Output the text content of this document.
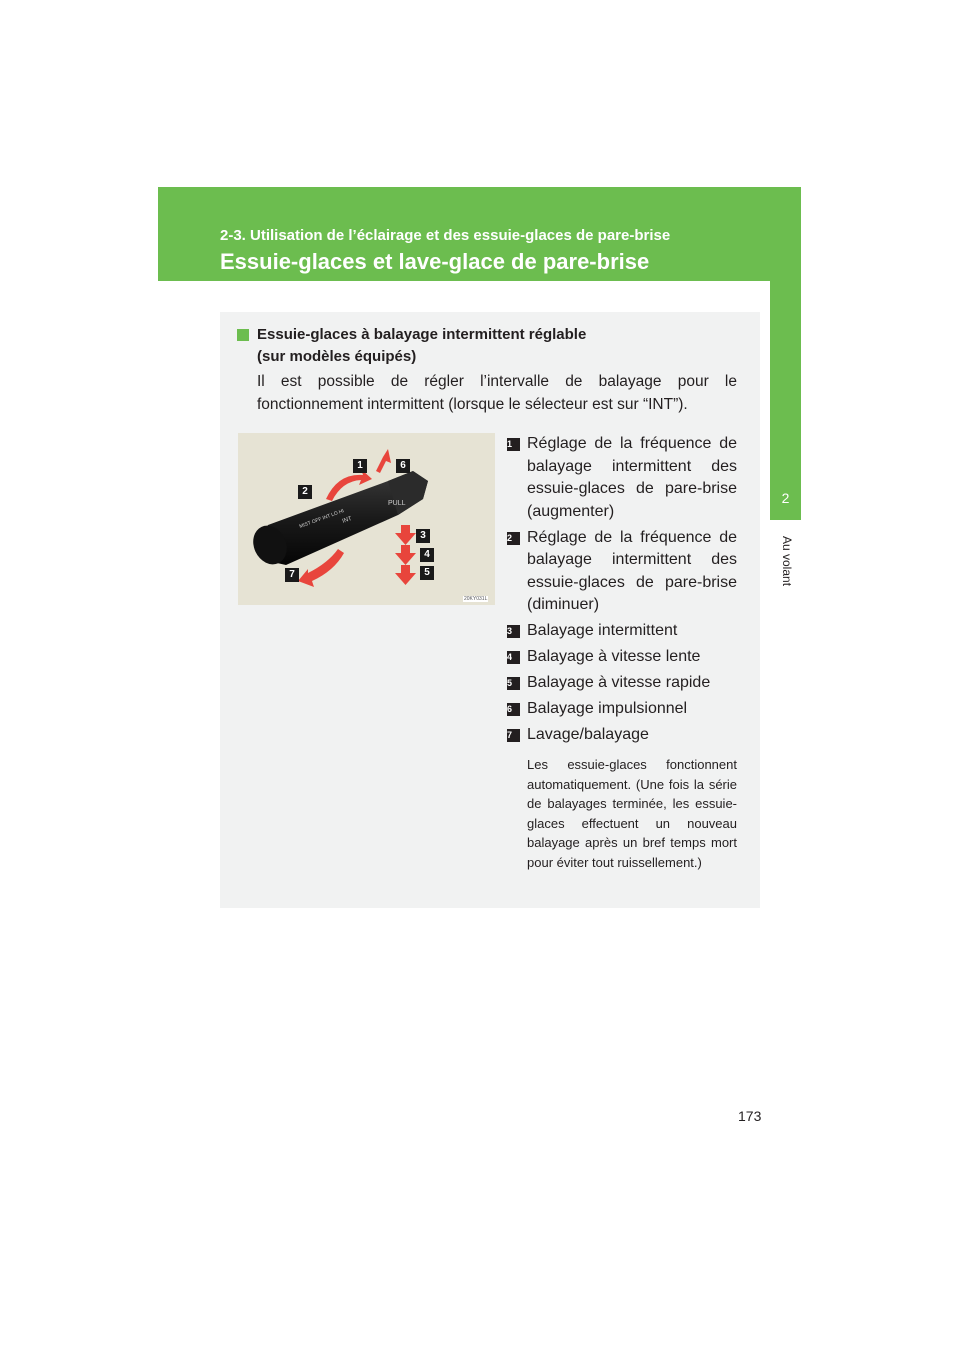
2-3. Utilisation de l’éclairage et des essuie-glaces de pare-brise
Essuie-glaces et lave-glace de pare-brise
2
Au volant
Essuie-glaces à balayage intermittent réglable
(sur modèles équipés)
Il est possible de régler l’intervalle de balayage pour le fonctionnement intermittent (lorsque le sélecteur est sur “INT”).
PULL
INT
MIST OFF INT LO HI
1
2
3
4
5
6
7
20KY031L
1 Réglage de la fréquence de balayage intermittent des essuie-glaces de pare-brise (augmenter)
2 Réglage de la fréquence de balayage intermittent des essuie-glaces de pare-brise (diminuer)
3 Balayage intermittent
4 Balayage à vitesse lente
5 Balayage à vitesse rapide
6 Balayage impulsionnel
7 Lavage/balayage
Les essuie-glaces fonctionnent automatiquement. (Une fois la série de balayages terminée, les essuie-glaces effectuent un nouveau balayage après un bref temps mort pour éviter tout ruissellement.)
173
